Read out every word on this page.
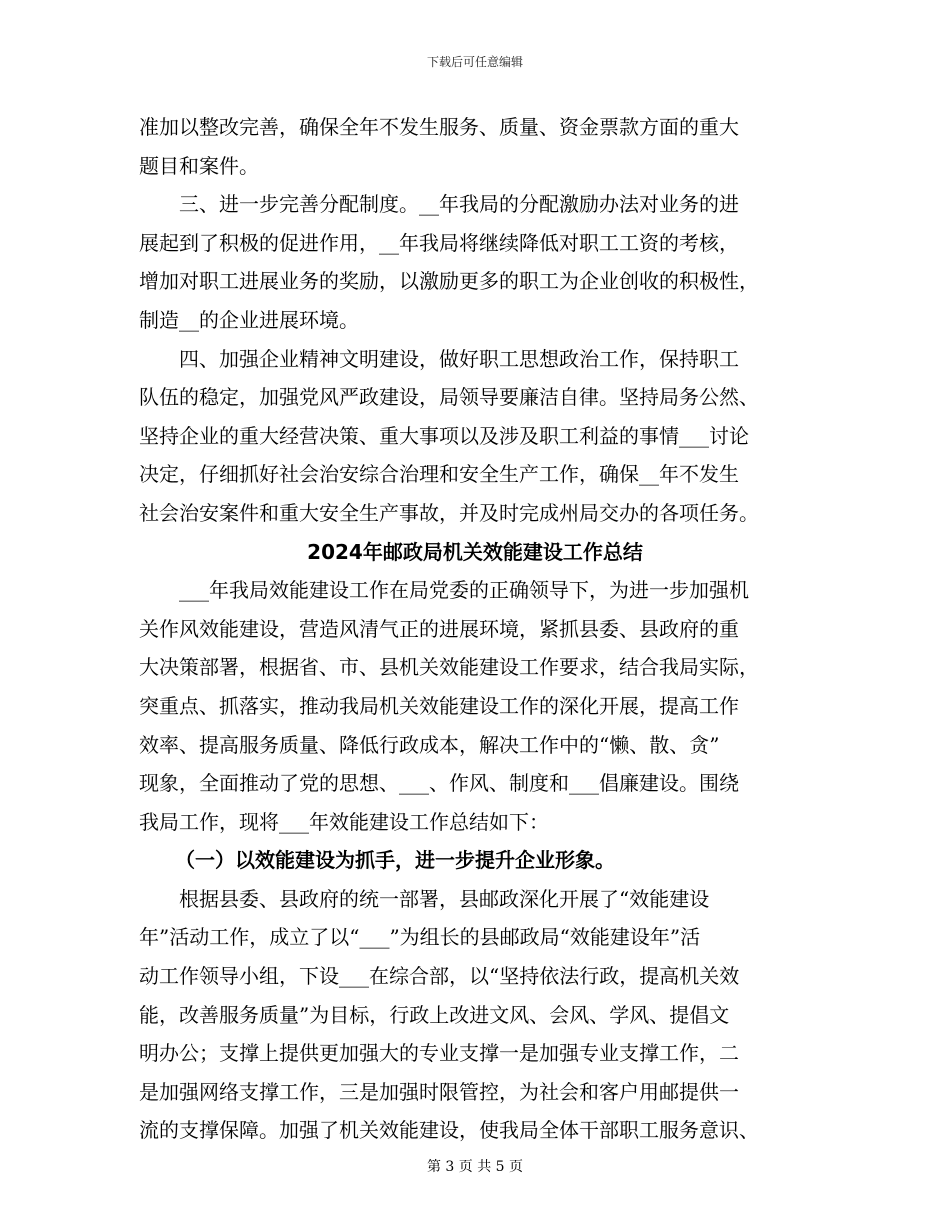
下载后可任意编辑
准加以整改完善，确保全年不发生服务、质量、资金票款方面的重大
题目和案件。
三、进一步完善分配制度。__年我局的分配激励办法对业务的进
展起到了积极的促进作用，__年我局将继续降低对职工工资的考核，
增加对职工进展业务的奖励，以激励更多的职工为企业创收的积极性，
制造__的企业进展环境。
四、加强企业精神文明建设，做好职工思想政治工作，保持职工
队伍的稳定，加强党风严政建设，局领导要廉洁自律。坚持局务公然、
坚持企业的重大经营决策、重大事项以及涉及职工利益的事情___讨论
决定，仔细抓好社会治安综合治理和安全生产工作，确保__年不发生
社会治安案件和重大安全生产事故，并及时完成州局交办的各项任务。
2024年邮政局机关效能建设工作总结
___年我局效能建设工作在局党委的正确领导下，为进一步加强机
关作风效能建设，营造风清气正的进展环境，紧抓县委、县政府的重
大决策部署，根据省、市、县机关效能建设工作要求，结合我局实际，
突重点、抓落实，推动我局机关效能建设工作的深化开展，提高工作
效率、提高服务质量、降低行政成本，解决工作中的“懒、散、贪”
现象，全面推动了党的思想、___、作风、制度和___倡廉建设。围绕
我局工作，现将___年效能建设工作总结如下：
（一）以效能建设为抓手，进一步提升企业形象。
根据县委、县政府的统一部署，县邮政深化开展了“效能建设
年”活动工作，成立了以“___”为组长的县邮政局“效能建设年”活
动工作领导小组，下设___在综合部，以“坚持依法行政，提高机关效
能，改善服务质量”为目标，行政上改进文风、会风、学风、提倡文
明办公；支撑上提供更加强大的专业支撑一是加强专业支撑工作，二
是加强网络支撑工作，三是加强时限管控，为社会和客户用邮提供一
流的支撑保障。加强了机关效能建设，使我局全体干部职工服务意识、
第 3 页 共 5 页
